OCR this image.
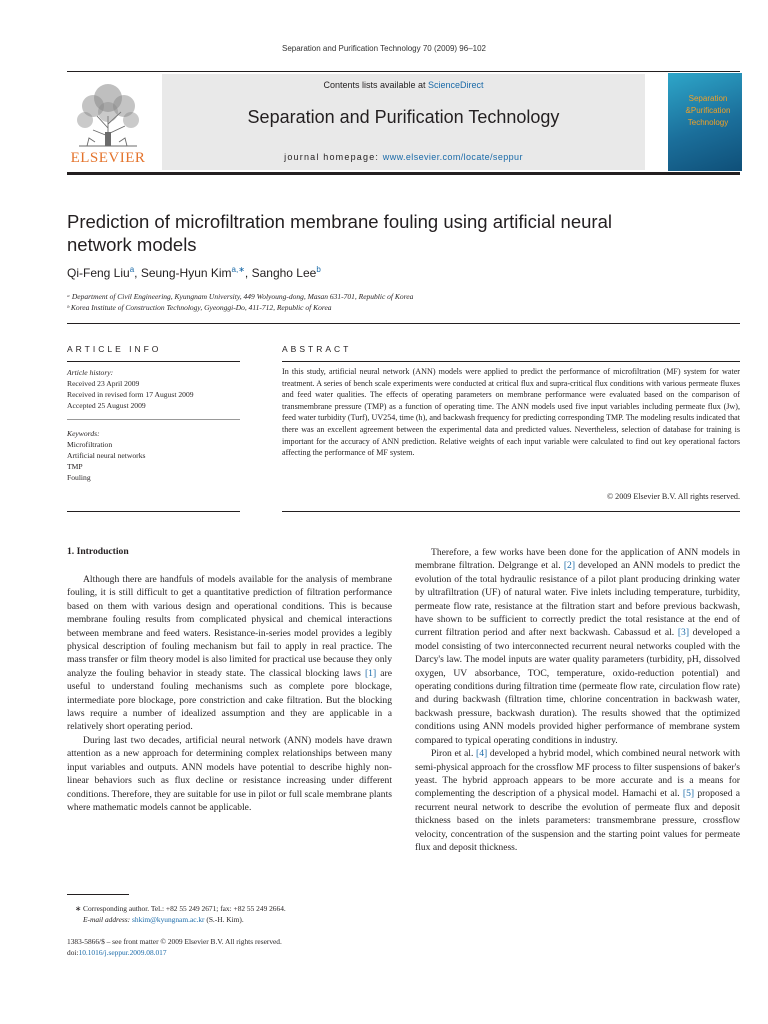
Separation and Purification Technology 70 (2009) 96–102
ELSEVIER
Contents lists available at ScienceDirect
Separation and Purification Technology
journal homepage: www.elsevier.com/locate/seppur
Separation
&Purification
Technology
Prediction of microfiltration membrane fouling using artificial neural
network models
Qi-Feng Liu$^a$, Seung-Hyun Kim$^{a,∗}$, Sangho Lee$^b$
ᵃ Department of Civil Engineering, Kyungnam University, 449 Wolyoung-dong, Masan 631-701, Republic of Korea
ᵇ Korea Institute of Construction Technology, Gyeonggi-Do, 411-712, Republic of Korea
ARTICLE INFO
Article history:
Received 23 April 2009
Received in revised form 17 August 2009
Accepted 25 August 2009
Keywords:
Microfiltration
Artificial neural networks
TMP
Fouling
ABSTRACT
In this study, artificial neural network (ANN) models were applied to predict the performance of microfiltration (MF) system for water treatment. A series of bench scale experiments were conducted at critical flux and supra-critical flux conditions with various permeate fluxes and feed water qualities. The effects of operating parameters on membrane performance were evaluated based on the comparison of transmembrane pressure (TMP) as a function of operating time. The ANN models used five input variables including permeate flux (Jw), feed water turbidity (Turf), UV254, time (h), and backwash frequency for predicting corresponding TMP. The modeling results indicated that there was an excellent agreement between the experimental data and predicted values. Nevertheless, selection of database for training is important for the accuracy of ANN prediction. Relative weights of each input variable were calculated to find out key operational factors affecting the performance of MF system.
© 2009 Elsevier B.V. All rights reserved.
1. Introduction

Although there are handfuls of models available for the analysis of membrane fouling, it is still difficult to get a quantitative prediction of filtration performance based on them with various design and operational conditions. This is because membrane fouling results from complicated physical and chemical interactions between membrane and feed waters. Resistance-in-series model provides a legibly physical description of fouling mechanism but fail to apply in real practice. The mass transfer or film theory model is also limited for practical use because they only analyze the fouling behavior in steady state. The classical blocking laws [1] are useful to understand fouling mechanisms such as complete pore blockage, intermediate pore blockage, pore constriction and cake filtration. But the blocking laws require a number of idealized assumption and they are applicable in a relatively short operating period.

During last two decades, artificial neural network (ANN) models have drawn attention as a new approach for determining complex relationships between many input variables and outputs. ANN models have potential to describe highly non-linear behaviors such as flux decline or resistance increasing under different conditions. Therefore, they are suitable for use in pilot or full scale membrane plants where mathematic models cannot be applicable.

Therefore, a few works have been done for the application of ANN models in membrane filtration. Delgrange et al. [2] developed an ANN models to predict the evolution of the total hydraulic resistance of a pilot plant producing drinking water by ultrafiltration (UF) of natural water. Five inlets including temperature, turbidity, permeate flow rate, resistance at the filtration start and before previous backwash, have shown to be sufficient to correctly predict the total resistance at the end of current filtration period and after next backwash. Cabassud et al. [3] developed a model consisting of two interconnected recurrent neural networks coupled with the Darcy's law. The model inputs are water quality parameters (turbidity, pH, dissolved oxygen, UV absorbance, TOC, temperature, oxido-reduction potential) and operating conditions during filtration time (permeate flow rate, circulation flow rate) and during backwash (filtration time, chlorine concentration in backwash water, backwash pressure, backwash duration). The results showed that the optimized conditions using ANN models provided higher performance of membrane system compared to typical operating conditions in industry.

Piron et al. [4] developed a hybrid model, which combined neural network with semi-physical approach for the crossflow MF process to filter suspensions of baker's yeast. The hybrid approach appears to be more accurate and is a means for complementing the description of a physical model. Hamachi et al. [5] proposed a recurrent neural network to describe the evolution of permeate flux and deposit thickness based on the inlets parameters: transmembrane pressure, crossflow velocity, concentration of the suspension and the starting point values for permeate flux and deposit thickness.

∗ Corresponding author. Tel.: +82 55 249 2671; fax: +82 55 249 2664.
E-mail address: shkim@kyungnam.ac.kr (S.-H. Kim).
1383-5866/$ – see front matter © 2009 Elsevier B.V. All rights reserved.
doi:10.1016/j.seppur.2009.08.017
